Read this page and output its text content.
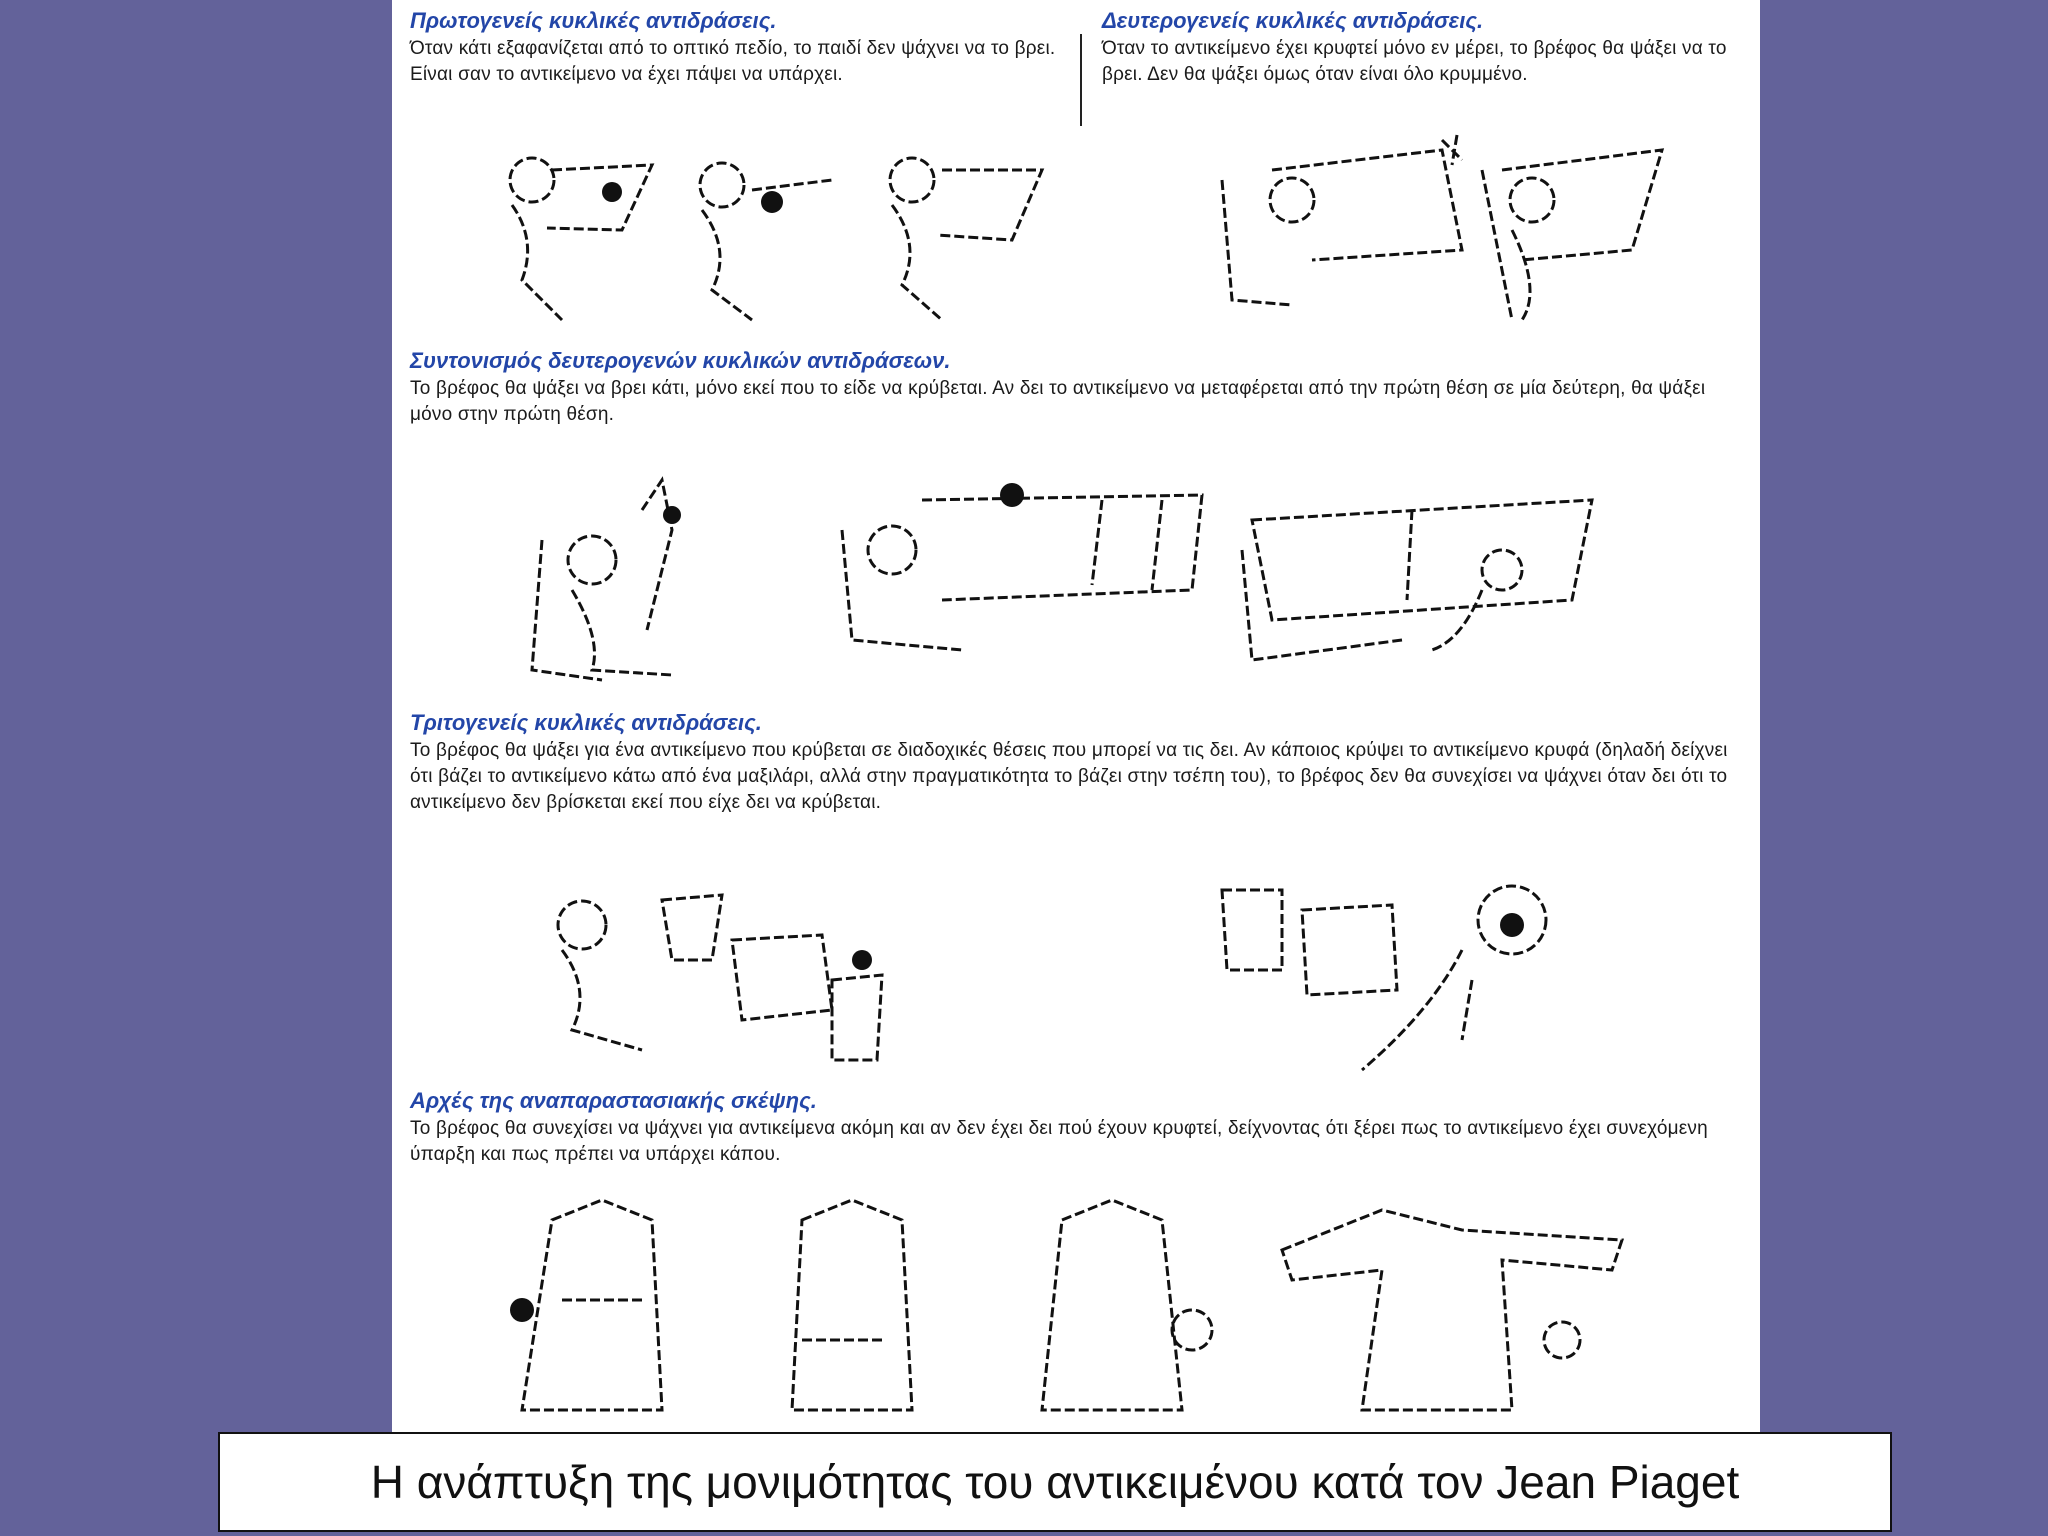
Πρωτογενείς κυκλικές αντιδράσεις.

Όταν κάτι εξαφανίζεται από το οπτικό πεδίο, το παιδί δεν ψάχνει να το βρει. Είναι σαν το αντικείμενο να έχει πάψει να υπάρχει.

Δευτερογενείς κυκλικές αντιδράσεις.

Όταν το αντικείμενο έχει κρυφτεί μόνο εν μέρει, το βρέφος θα ψάξει να το βρει. Δεν θα ψάξει όμως όταν είναι όλο κρυμμένο.

Συντονισμός δευτερογενών κυκλικών αντιδράσεων.

Το βρέφος θα ψάξει να βρει κάτι, μόνο εκεί που το είδε να κρύβεται. Αν δει το αντικείμενο να μεταφέρεται από την πρώτη θέση σε μία δεύτερη, θα ψάξει μόνο στην πρώτη θέση.

Τριτογενείς κυκλικές αντιδράσεις.

Το βρέφος θα ψάξει για ένα αντικείμενο που κρύβεται σε διαδοχικές θέσεις που μπορεί να τις δει. Αν κάποιος κρύψει το αντικείμενο κρυφά (δηλαδή δείχνει ότι βάζει το αντικείμενο κάτω από ένα μαξιλάρι, αλλά στην πραγματικότητα το βάζει στην τσέπη του), το βρέφος δεν θα συνεχίσει να ψάχνει όταν δει ότι το αντικείμενο δεν βρίσκεται εκεί που είχε δει να κρύβεται.

Αρχές της αναπαραστασιακής σκέψης.

Το βρέφος θα συνεχίσει να ψάχνει για αντικείμενα ακόμη και αν δεν έχει δει πού έχουν κρυφτεί, δείχνοντας ότι ξέρει πως το αντικείμενο έχει συνεχόμενη ύπαρξη και πως πρέπει να υπάρχει κάπου.

Η ανάπτυξη της μονιμότητας του αντικειμένου κατά τον Jean Piaget
